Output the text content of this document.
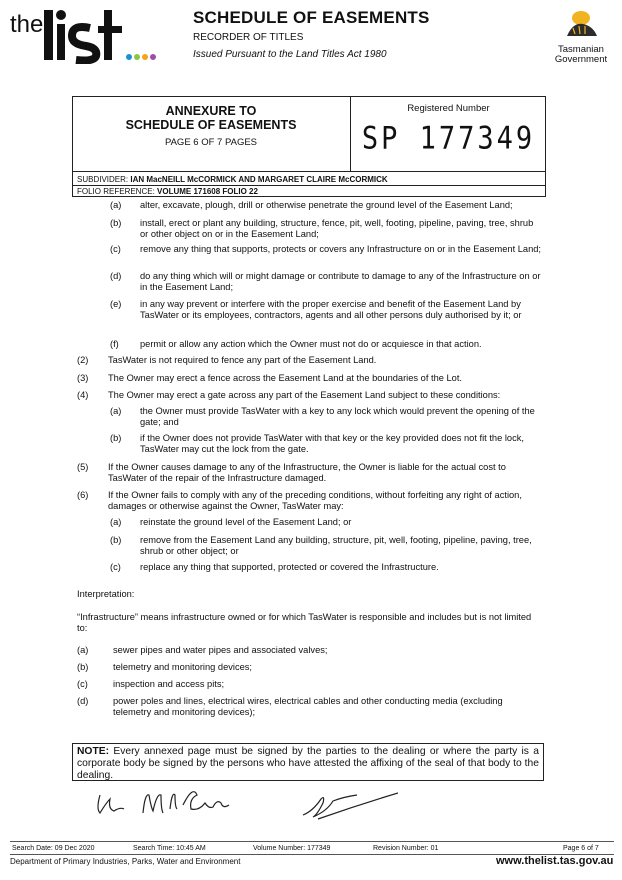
the	SCHEDULE OF EASEMENTS
RECORDER OF TITLES
Issued Pursuant to the Land Titles Act 1980	Tasmanian
Government
ANNEXURE TO
SCHEDULE OF EASEMENTS
PAGE 6 OF 7 PAGES
Registered Number
SP 177349
SUBDIVIDER: IAN MacNEILL McCORMICK AND MARGARET CLAIRE McCORMICK
FOLIO REFERENCE: VOLUME 171608 FOLIO 22
(a) alter, excavate, plough, drill or otherwise penetrate the ground level of the Easement Land;
(b) install, erect or plant any building, structure, fence, pit, well, footing, pipeline, paving, tree, shrub or other object on or in the Easement Land;
(c) remove any thing that supports, protects or covers any Infrastructure on or in the Easement Land;
(d) do any thing which will or might damage or contribute to damage to any of the Infrastructure on or in the Easement Land;
(e) in any way prevent or interfere with the proper exercise and benefit of the Easement Land by TasWater or its employees, contractors, agents and all other persons duly authorised by it; or
(f) permit or allow any action which the Owner must not do or acquiesce in that action.
(2) TasWater is not required to fence any part of the Easement Land.
(3) The Owner may erect a fence across the Easement Land at the boundaries of the Lot.
(4) The Owner may erect a gate across any part of the Easement Land subject to these conditions:
(a) the Owner must provide TasWater with a key to any lock which would prevent the opening of the gate; and
(b) if the Owner does not provide TasWater with that key or the key provided does not fit the lock, TasWater may cut the lock from the gate.
(5) If the Owner causes damage to any of the Infrastructure, the Owner is liable for the actual cost to TasWater of the repair of the Infrastructure damaged.
(6) If the Owner fails to comply with any of the preceding conditions, without forfeiting any right of action, damages or otherwise against the Owner, TasWater may:
(a) reinstate the ground level of the Easement Land; or
(b) remove from the Easement Land any building, structure, pit, well, footing, pipeline, paving, tree, shrub or other object; or
(c) replace any thing that supported, protected or covered the Infrastructure.
Interpretation:
“Infrastructure” means infrastructure owned or for which TasWater is responsible and includes but is not limited to:
(a)	sewer pipes and water pipes and associated valves;
(b)	telemetry and monitoring devices;
(c)	inspection and access pits;
(d)	power poles and lines, electrical wires, electrical cables and other conducting media (excluding telemetry and monitoring devices);
NOTE: Every annexed page must be signed by the parties to the dealing or where the party is a corporate body be signed by the persons who have attested the affixing of the seal of that body to the dealing.
Search Date: 09 Dec 2020	Search Time: 10:45 AM	Volume Number: 177349	Revision Number: 01	Page 6 of 7
Department of Primary Industries, Parks, Water and Environment	www.thelist.tas.gov.au
